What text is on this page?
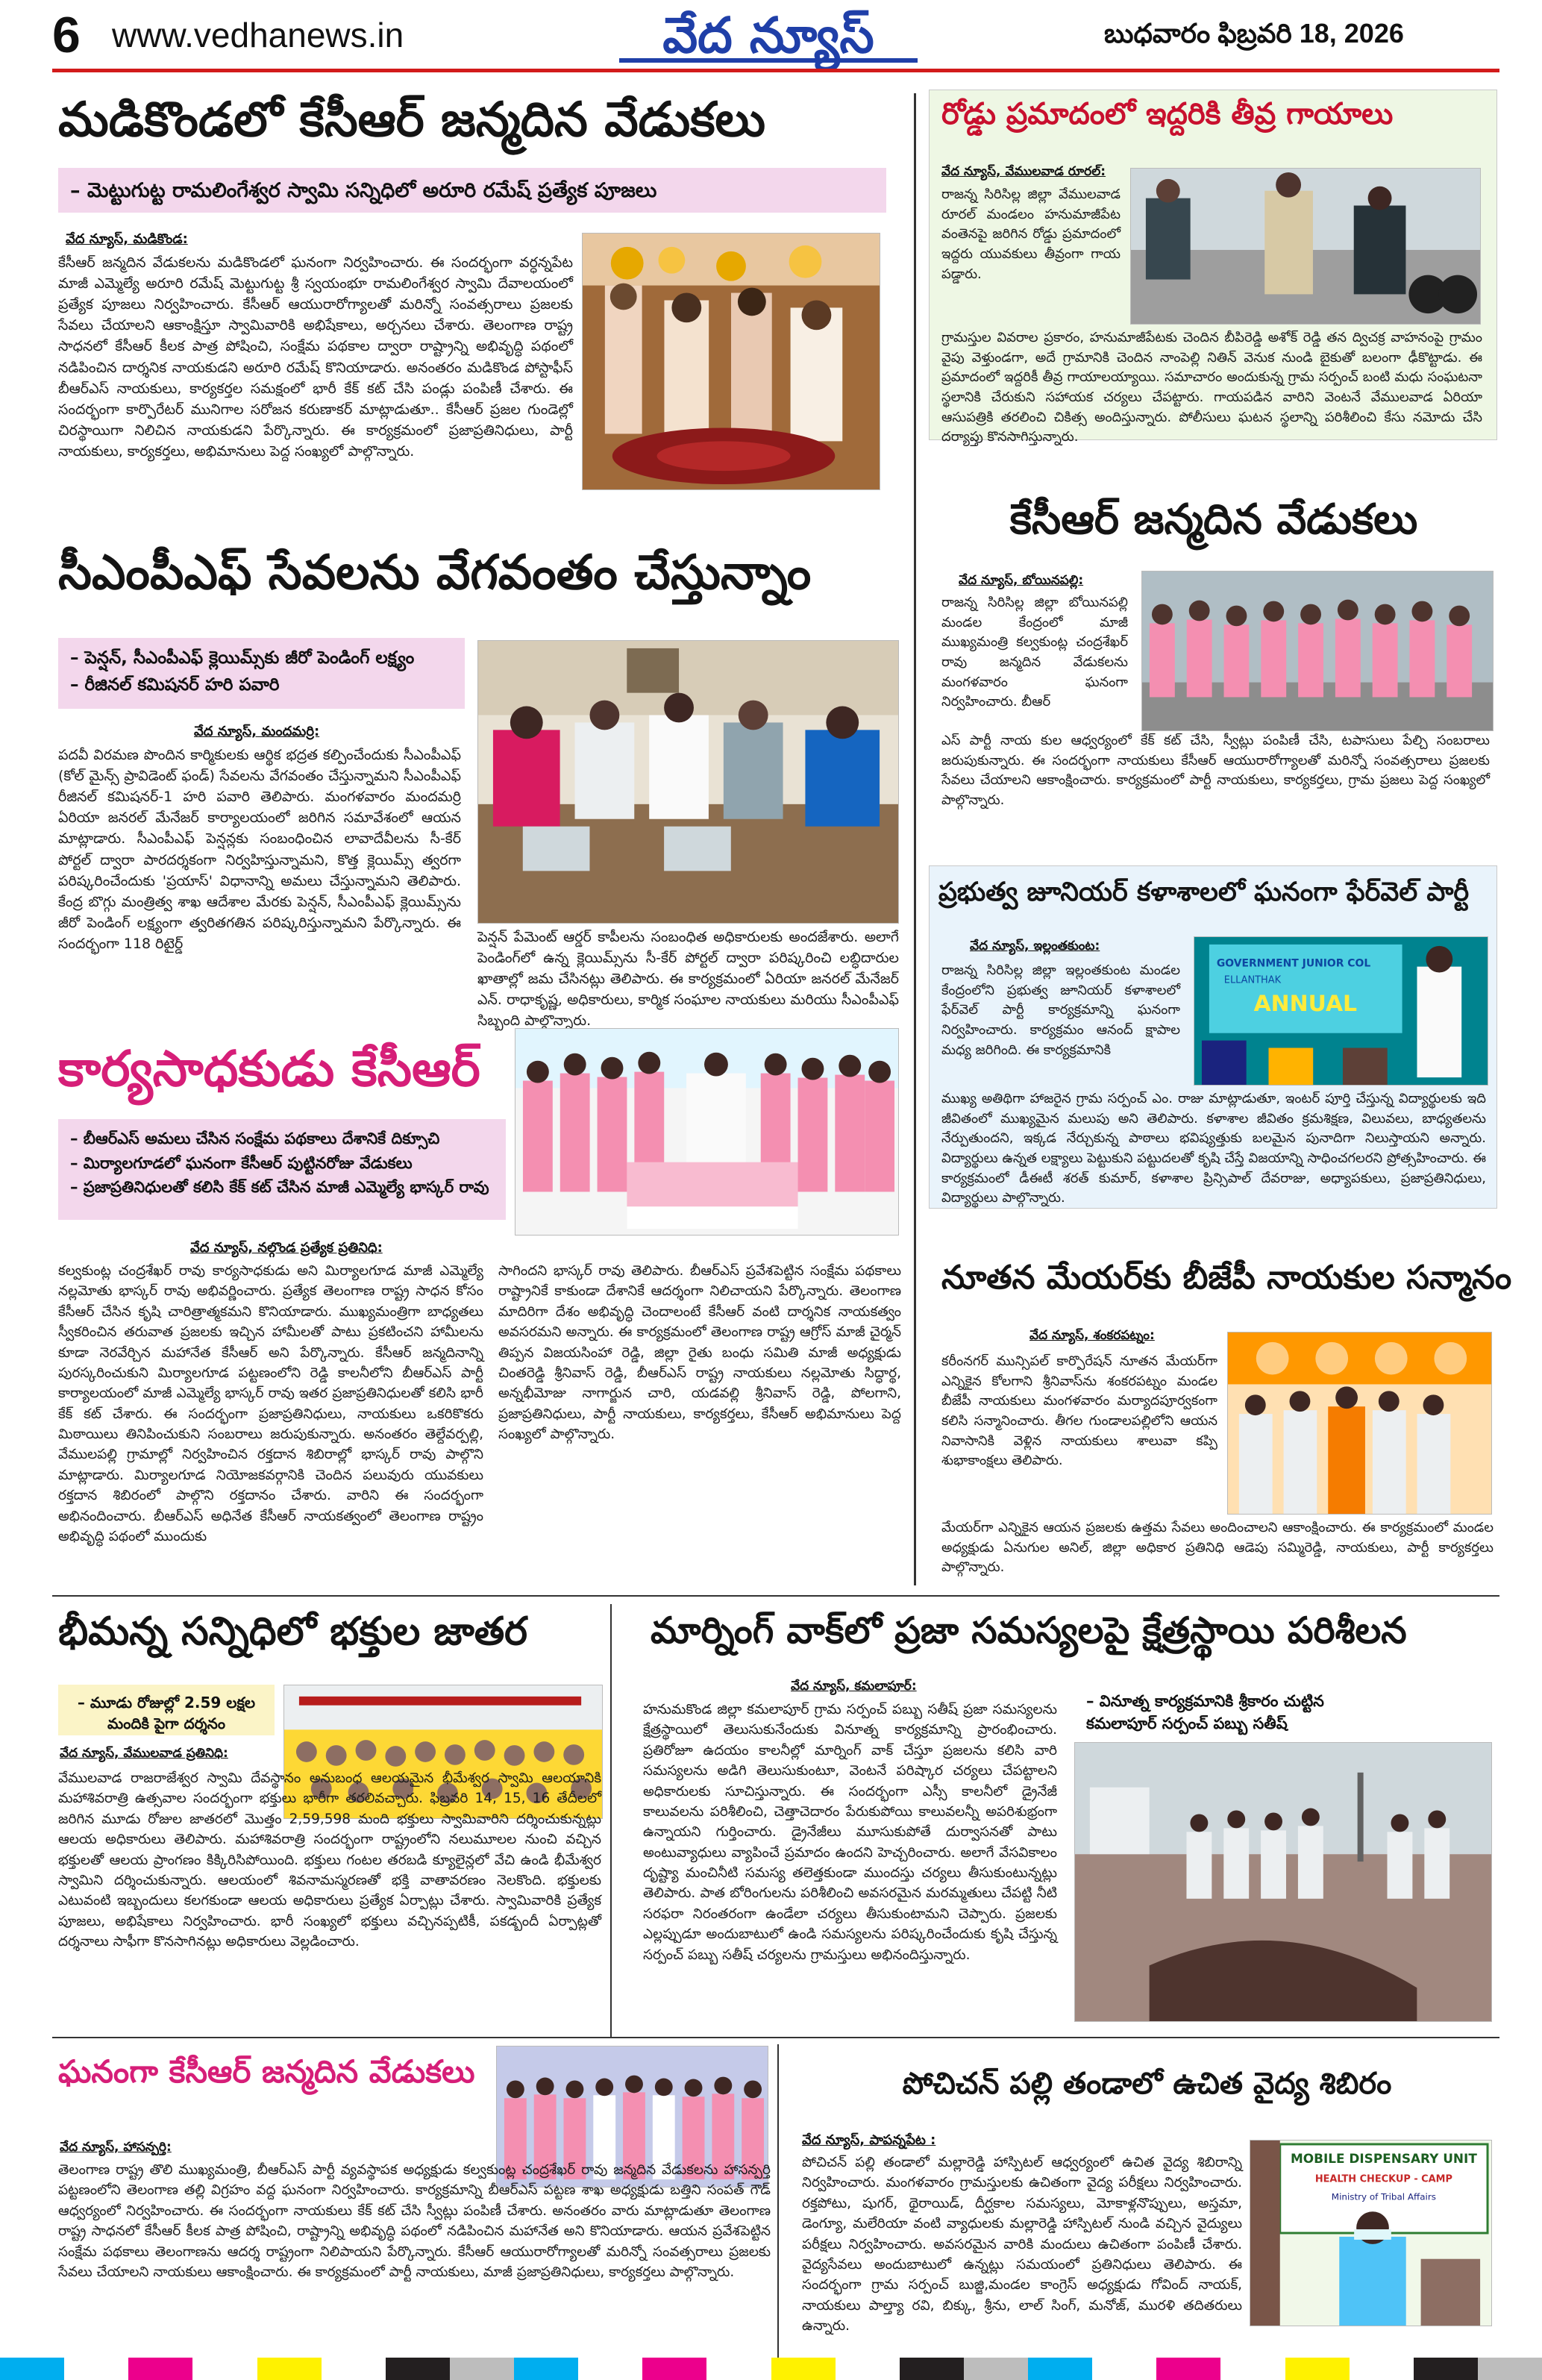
6 www.vedhanews.in	వేద న్యూస్	బుధవారం ఫిబ్రవరి 18, 2026
మడికొండలో కేసీఆర్ జన్మదిన వేడుకలు
– మెట్టుగుట్ట రామలింగేశ్వర స్వామి సన్నిధిలో అరూరి రమేష్ ప్రత్యేక పూజలు
వేద న్యూస్, మడికొండ:
కేసీఆర్ జన్మదిన వేడుకలను మడికొండలో ఘనంగా నిర్వహించారు. ఈ సందర్భంగా వర్ధన్నపేట మాజీ ఎమ్మెల్యే అరూరి రమేష్ మెట్టుగుట్ట శ్రీ స్వయంభూ రామలింగేశ్వర స్వామి దేవాలయంలో ప్రత్యేక పూజలు నిర్వహించారు. కేసీఆర్ ఆయురారోగ్యాలతో మరిన్నో సంవత్సరాలు ప్రజలకు సేవలు చేయాలని ఆకాంక్షిస్తూ స్వామివారికి అభిషేకాలు, అర్చనలు చేశారు. తెలంగాణ రాష్ట్ర సాధనలో కేసీఆర్ కీలక పాత్ర పోషించి, సంక్షేమ పథకాల ద్వారా రాష్ట్రాన్ని అభివృద్ధి పథంలో నడిపించిన దార్శనిక నాయకుడని అరూరి రమేష్ కొనియాడారు. అనంతరం మడికొండ పోస్టాఫీస్ బీఆర్ఎస్ నాయకులు, కార్యకర్తల సమక్షంలో భారీ కేక్ కట్ చేసి పండ్లు పంపిణీ చేశారు. ఈ సందర్భంగా కార్పొరేటర్ మునిగాల సరోజన కరుణాకర్ మాట్లాడుతూ.. కేసీఆర్ ప్రజల గుండెల్లో చిరస్థాయిగా నిలిచిన నాయకుడని పేర్కొన్నారు. ఈ కార్యక్రమంలో ప్రజాప్రతినిధులు, పార్టీ నాయకులు, కార్యకర్తలు, అభిమానులు పెద్ద సంఖ్యలో పాల్గొన్నారు.
రోడ్డు ప్రమాదంలో ఇద్దరికి తీవ్ర గాయాలు
వేద న్యూస్, వేములవాడ రూరల్:
రాజన్న సిరిసిల్ల జిల్లా వేములవాడ రూరల్ మండలం హనుమాజీపేట వంతెనపై జరిగిన రోడ్డు ప్రమాదంలో ఇద్దరు యువకులు తీవ్రంగా గాయ పడ్డారు.
గ్రామస్తుల వివరాల ప్రకారం, హనుమాజీపేటకు చెందిన బీపిరెడ్డి అశోక్ రెడ్డి తన ద్విచక్ర వాహనంపై గ్రామం వైపు వెళ్తుండగా, అదే గ్రామానికి చెందిన నాంపెల్లి నితిన్ వెనుక నుండి బైకుతో బలంగా ఢీకొట్టాడు. ఈ ప్రమాదంలో ఇద్దరికీ తీవ్ర గాయాలయ్యాయి. సమాచారం అందుకున్న గ్రామ సర్పంచ్ బంటి మధు సంఘటనా స్థలానికి చేరుకుని సహాయక చర్యలు చేపట్టారు. గాయపడిన వారిని వెంటనే వేములవాడ ఏరియా ఆసుపత్రికి తరలించి చికిత్స అందిస్తున్నారు. పోలీసులు ఘటన స్థలాన్ని పరిశీలించి కేసు నమోదు చేసి దర్యాప్తు కొనసాగిస్తున్నారు.
సీఎంపీఎఫ్ సేవలను వేగవంతం చేస్తున్నాం
– పెన్షన్, సీఎంపీఎఫ్ క్లెయిమ్స్‌కు జీరో పెండింగ్ లక్ష్యం
– రీజినల్ కమిషనర్ హరి పవారి
వేద న్యూస్, మందమర్రి:
పదవీ విరమణ పొందిన కార్మికులకు ఆర్థిక భద్రత కల్పించేందుకు సీఎంపీఎఫ్ (కోల్ మైన్స్ ప్రావిడెంట్ ఫండ్) సేవలను వేగవంతం చేస్తున్నామని సీఎంపీఎఫ్ రీజినల్ కమిషనర్-1 హరి పవారి తెలిపారు. మంగళవారం మందమర్రి ఏరియా జనరల్ మేనేజర్ కార్యాలయంలో జరిగిన సమావేశంలో ఆయన మాట్లాడారు. సీఎంపీఎఫ్ పెన్షన్లకు సంబంధించిన లావాదేవీలను సీ-కేర్ పోర్టల్ ద్వారా పారదర్శకంగా నిర్వహిస్తున్నామని, కొత్త క్లెయిమ్స్ త్వరగా పరిష్కరించేందుకు 'ప్రయాస్' విధానాన్ని అమలు చేస్తున్నామని తెలిపారు. కేంద్ర బొగ్గు మంత్రిత్వ శాఖ ఆదేశాల మేరకు పెన్షన్, సీఎంపీఎఫ్ క్లెయిమ్స్‌ను జీరో పెండింగ్ లక్ష్యంగా త్వరితగతిన పరిష్కరిస్తున్నామని పేర్కొన్నారు. ఈ సందర్భంగా 118 రిటైర్డ్	పెన్షన్ పేమెంట్ ఆర్డర్ కాపీలను సంబంధిత అధికారులకు అందజేశారు. అలాగే పెండింగ్‌లో ఉన్న క్లెయిమ్స్‌ను సీ-కేర్ పోర్టల్ ద్వారా పరిష్కరించి లబ్ధిదారుల ఖాతాల్లో జమ చేసినట్లు తెలిపారు. ఈ కార్యక్రమంలో ఏరియా జనరల్ మేనేజర్ ఎన్. రాధాకృష్ణ, అధికారులు, కార్మిక సంఘాల నాయకులు మరియు సీఎంపీఎఫ్ సిబ్బంది పాల్గొన్నారు.
కేసీఆర్ జన్మదిన వేడుకలు
వేద న్యూస్, బోయినపల్లి:
రాజన్న సిరిసిల్ల జిల్లా బోయినపల్లి మండల కేంద్రంలో మాజీ ముఖ్యమంత్రి కల్వకుంట్ల చంద్రశేఖర్ రావు జన్మదిన వేడుకలను మంగళవారం ఘనంగా నిర్వహించారు. బీఆర్
ఎస్ పార్టీ నాయ కుల ఆధ్వర్యంలో కేక్ కట్ చేసి, స్వీట్లు పంపిణీ చేసి, టపాసులు పేల్చి సంబరాలు జరుపుకున్నారు. ఈ సందర్భంగా నాయకులు కేసీఆర్ ఆయురారోగ్యాలతో మరిన్నో సంవత్సరాలు ప్రజలకు సేవలు చేయాలని ఆకాంక్షించారు. కార్యక్రమంలో పార్టీ నాయకులు, కార్యకర్తలు, గ్రామ ప్రజలు పెద్ద సంఖ్యలో పాల్గొన్నారు.
ప్రభుత్వ జూనియర్ కళాశాలలో ఘనంగా ఫేర్‌వెల్ పార్టీ
వేద న్యూస్, ఇల్లంతకుంట:
రాజన్న సిరిసిల్ల జిల్లా ఇల్లంతకుంట మండల కేంద్రంలోని ప్రభుత్వ జూనియర్ కళాశాలలో ఫేర్‌వెల్ పార్టీ కార్యక్రమాన్ని ఘనంగా నిర్వహించారు. కార్యక్రమం ఆనంద్ క్షాపాల మధ్య జరిగింది. ఈ కార్యక్రమానికి
GOVERNMENT JUNIOR COL
ELLANTHAK
ANNUAL
ముఖ్య అతిథిగా హాజరైన గ్రామ సర్పంచ్ ఎం. రాజు మాట్లాడుతూ, ఇంటర్ పూర్తి చేస్తున్న విద్యార్థులకు ఇది జీవితంలో ముఖ్యమైన మలుపు అని తెలిపారు. కళాశాల జీవితం క్రమశిక్షణ, విలువలు, బాధ్యతలను నేర్పుతుందని, ఇక్కడ నేర్చుకున్న పాఠాలు భవిష్యత్తుకు బలమైన పునాదిగా నిలుస్తాయని అన్నారు. విద్యార్థులు ఉన్నత లక్ష్యాలు పెట్టుకుని పట్టుదలతో కృషి చేస్తే విజయాన్ని సాధించగలరని ప్రోత్సహించారు. ఈ కార్యక్రమంలో డీఈటీ శరత్ కుమార్, కళాశాల ప్రిన్సిపాల్ దేవరాజు, అధ్యాపకులు, ప్రజాప్రతినిధులు, విద్యార్థులు పాల్గొన్నారు.
కార్యసాధకుడు కేసీఆర్
– బీఆర్ఎస్ అమలు చేసిన సంక్షేమ పథకాలు దేశానికే దిక్సూచి
– మిర్యాలగూడలో ఘనంగా కేసీఆర్ పుట్టినరోజు వేడుకలు
– ప్రజాప్రతినిధులతో కలిసి కేక్ కట్ చేసిన మాజీ ఎమ్మెల్యే భాస్కర్ రావు
వేద న్యూస్, నల్గొండ ప్రత్యేక ప్రతినిధి:
కల్వకుంట్ల చంద్రశేఖర్ రావు కార్యసాధకుడు అని మిర్యాలగూడ మాజీ ఎమ్మెల్యే నల్లమోతు భాస్కర్ రావు అభివర్ణించారు. ప్రత్యేక తెలంగాణ రాష్ట్ర సాధన కోసం కేసీఆర్ చేసిన కృషి చారిత్రాత్మకమని కొనియాడారు. ముఖ్యమంత్రిగా బాధ్యతలు స్వీకరించిన తరువాత ప్రజలకు ఇచ్చిన హామీలతో పాటు ప్రకటించని హామీలను కూడా నెరవేర్చిన మహానేత కేసీఆర్ అని పేర్కొన్నారు. కేసీఆర్ జన్మదినాన్ని పురస్కరించుకుని మిర్యాలగూడ పట్టణంలోని రెడ్డి కాలనీలోని బీఆర్ఎస్ పార్టీ కార్యాలయంలో మాజీ ఎమ్మెల్యే భాస్కర్ రావు ఇతర ప్రజాప్రతినిధులతో కలిసి భారీ కేక్ కట్ చేశారు. ఈ సందర్భంగా ప్రజాప్రతినిధులు, నాయకులు ఒకరికొకరు మిఠాయిలు తినిపించుకుని సంబరాలు జరుపుకున్నారు. అనంతరం తెల్దేవర్పల్లి, వేములపల్లి గ్రామాల్లో నిర్వహించిన రక్తదాన శిబిరాల్లో భాస్కర్ రావు పాల్గొని మాట్లాడారు. మిర్యాలగూడ నియోజకవర్గానికి చెందిన పలువురు యువకులు రక్తదాన శిబిరంలో పాల్గొని రక్తదానం చేశారు. వారిని ఈ సందర్భంగా అభినందించారు. బీఆర్ఎస్ అధినేత కేసీఆర్ నాయకత్వంలో తెలంగాణ రాష్ట్రం అభివృద్ధి పథంలో ముందుకు
సాగిందని భాస్కర్ రావు తెలిపారు. బీఆర్ఎస్ ప్రవేశపెట్టిన సంక్షేమ పథకాలు రాష్ట్రానికే కాకుండా దేశానికే ఆదర్శంగా నిలిచాయని పేర్కొన్నారు. తెలంగాణ మాదిరిగా దేశం అభివృద్ధి చెందాలంటే కేసీఆర్ వంటి దార్శనిక నాయకత్వం అవసరమని అన్నారు. ఈ కార్యక్రమంలో తెలంగాణ రాష్ట్ర ఆగ్రోస్ మాజీ చైర్మన్ తిప్పన విజయసింహా రెడ్డి, జిల్లా రైతు బంధు సమితి మాజీ అధ్యక్షుడు చింతరెడ్డి శ్రీనివాస్ రెడ్డి, బీఆర్ఎస్ రాష్ట్ర నాయకులు నల్లమోతు సిద్ధార్థ, అన్నభీమోజు నాగార్జున చారి, యడవల్లి శ్రీనివాస్ రెడ్డి, పోలగాని, ప్రజాప్రతినిధులు, పార్టీ నాయకులు, కార్యకర్తలు, కేసీఆర్ అభిమానులు పెద్ద సంఖ్యలో పాల్గొన్నారు.
నూతన మేయర్‌కు బీజేపీ నాయకుల సన్మానం
వేద న్యూస్, శంకరపట్నం:
కరీంనగర్ మున్సిపల్ కార్పొరేషన్ నూతన మేయర్‌గా ఎన్నికైన కోలగాని శ్రీనివాస్‌ను శంకరపట్నం మండల బీజేపీ నాయకులు మంగళవారం మర్యాదపూర్వకంగా కలిసి సన్మానించారు. తీగల గుండాలపల్లిలోని ఆయన నివాసానికి వెళ్లిన నాయకులు శాలువా కప్పి శుభాకాంక్షలు తెలిపారు.
మేయర్‌గా ఎన్నికైన ఆయన ప్రజలకు ఉత్తమ సేవలు అందించాలని ఆకాంక్షించారు. ఈ కార్యక్రమంలో మండల అధ్యక్షుడు ఏనుగుల అనిల్, జిల్లా అధికార ప్రతినిధి ఆడెపు సమ్మిరెడ్డి, నాయకులు, పార్టీ కార్యకర్తలు పాల్గొన్నారు.
భీమన్న సన్నిధిలో భక్తుల జాతర
– మూడు రోజుల్లో 2.59 లక్షల
మందికి పైగా దర్శనం
వేద న్యూస్, వేములవాడ ప్రతినిధి:
వేములవాడ రాజరాజేశ్వర స్వామి దేవస్థానం అనుబంధ ఆలయమైన భీమేశ్వర స్వామి ఆలయానికి మహాశివరాత్రి ఉత్సవాల సందర్భంగా భక్తులు భారీగా తరలివచ్చారు. ఫిబ్రవరి 14, 15, 16 తేదీలలో జరిగిన మూడు రోజుల జాతరలో మొత్తం 2,59,598 మంది భక్తులు స్వామివారిని దర్శించుకున్నట్లు ఆలయ అధికారులు తెలిపారు. మహాశివరాత్రి సందర్భంగా రాష్ట్రంలోని నలుమూలల నుంచి వచ్చిన భక్తులతో ఆలయ ప్రాంగణం కిక్కిరిసిపోయింది. భక్తులు గంటల తరబడి క్యూలైన్లలో వేచి ఉండి భీమేశ్వర స్వామిని దర్శించుకున్నారు. ఆలయంలో శివనామస్మరణతో భక్తి వాతావరణం నెలకొంది. భక్తులకు ఎటువంటి ఇబ్బందులు కలగకుండా ఆలయ అధికారులు ప్రత్యేక ఏర్పాట్లు చేశారు. స్వామివారికి ప్రత్యేక పూజలు, అభిషేకాలు నిర్వహించారు. భారీ సంఖ్యలో భక్తులు వచ్చినప్పటికీ, పకడ్బందీ ఏర్పాట్లతో దర్శనాలు సాఫీగా కొనసాగినట్లు అధికారులు వెల్లడించారు.
మార్నింగ్ వాక్‌లో ప్రజా సమస్యలపై క్షేత్రస్థాయి పరిశీలన
వేద న్యూస్, కమలాపూర్:
హనుమకొండ జిల్లా కమలాపూర్ గ్రామ సర్పంచ్ పబ్బు సతీష్ ప్రజా సమస్యలను క్షేత్రస్థాయిలో తెలుసుకునేందుకు వినూత్న కార్యక్రమాన్ని ప్రారంభించారు. ప్రతిరోజూ ఉదయం కాలనీల్లో మార్నింగ్ వాక్ చేస్తూ ప్రజలను కలిసి వారి సమస్యలను అడిగి తెలుసుకుంటూ, వెంటనే పరిష్కార చర్యలు చేపట్టాలని అధికారులకు సూచిస్తున్నారు. ఈ సందర్భంగా ఎస్సీ కాలనీలో డ్రైనేజీ కాలువలను పరిశీలించి, చెత్తాచెదారం పేరుకుపోయి కాలువలన్నీ అపరిశుభ్రంగా ఉన్నాయని గుర్తించారు. డ్రైనేజీలు మూసుకుపోతే దుర్వాసనతో పాటు అంటువ్యాధులు వ్యాపించే ప్రమాదం ఉందని హెచ్చరించారు. అలాగే వేసవికాలం దృష్ట్యా మంచినీటి సమస్య తలెత్తకుండా ముందస్తు చర్యలు తీసుకుంటున్నట్లు తెలిపారు. పాత బోరింగులను పరిశీలించి అవసరమైన మరమ్మతులు చేపట్టి నీటి సరఫరా నిరంతరంగా ఉండేలా చర్యలు తీసుకుంటామని చెప్పారు. ప్రజలకు ఎల్లప్పుడూ అందుబాటులో ఉండి సమస్యలను పరిష్కరించేందుకు కృషి చేస్తున్న సర్పంచ్ పబ్బు సతీష్ చర్యలను గ్రామస్తులు అభినందిస్తున్నారు.
– వినూత్న కార్యక్రమానికి శ్రీకారం చుట్టిన
కమలాపూర్ సర్పంచ్ పబ్బు సతీష్
ఘనంగా కేసీఆర్ జన్మదిన వేడుకలు
వేద న్యూస్, హాసన్పర్తి:
తెలంగాణ రాష్ట్ర తొలి ముఖ్యమంత్రి, బీఆర్ఎస్ పార్టీ వ్యవస్థాపక అధ్యక్షుడు కల్వకుంట్ల చంద్రశేఖర్ రావు జన్మదిన వేడుకలను హాసన్పర్తి పట్టణంలోని తెలంగాణ తల్లి విగ్రహం వద్ద ఘనంగా నిర్వహించారు. కార్యక్రమాన్ని బీఆర్ఎస్ పట్టణ శాఖ అధ్యక్షుడు బత్తిని సంపత్ గౌడ్ ఆధ్వర్యంలో నిర్వహించారు. ఈ సందర్భంగా నాయకులు కేక్ కట్ చేసి స్వీట్లు పంపిణీ చేశారు. అనంతరం వారు మాట్లాడుతూ తెలంగాణ రాష్ట్ర సాధనలో కేసీఆర్ కీలక పాత్ర పోషించి, రాష్ట్రాన్ని అభివృద్ధి పథంలో నడిపించిన మహానేత అని కొనియాడారు. ఆయన ప్రవేశపెట్టిన సంక్షేమ పథకాలు తెలంగాణను ఆదర్శ రాష్ట్రంగా నిలిపాయని పేర్కొన్నారు. కేసీఆర్ ఆయురారోగ్యాలతో మరిన్నో సంవత్సరాలు ప్రజలకు సేవలు చేయాలని నాయకులు ఆకాంక్షించారు. ఈ కార్యక్రమంలో పార్టీ నాయకులు, మాజీ ప్రజాప్రతినిధులు, కార్యకర్తలు పాల్గొన్నారు.
పోచిచన్ పల్లి తండాలో ఉచిత వైద్య శిబిరం
వేద న్యూస్, పాపన్నపేట :
పోచిచన్ పల్లి తండాలో మల్లారెడ్డి హాస్పిటల్ ఆధ్వర్యంలో ఉచిత వైద్య శిబిరాన్ని నిర్వహించారు. మంగళవారం గ్రామస్తులకు ఉచితంగా వైద్య పరీక్షలు నిర్వహించారు. రక్తపోటు, షుగర్, థైరాయిడ్, దీర్ఘకాల సమస్యలు, మోకాళ్లనొప్పులు, అస్తమా, డెంగ్యూ, మలేరియా వంటి వ్యాధులకు మల్లారెడ్డి హాస్పిటల్ నుండి వచ్చిన వైద్యులు పరీక్షలు నిర్వహించారు. అవసరమైన వారికి మందులు ఉచితంగా పంపిణీ చేశారు. వైద్యసేవలు అందుబాటులో ఉన్నట్లు సమయంలో ప్రతినిధులు తెలిపారు. ఈ సందర్భంగా గ్రామ సర్పంచ్ బుజ్జి,మండల కాంగ్రెస్ అధ్యక్షుడు గోవింద్ నాయక్, నాయకులు పాల్త్యా రవి, బిక్కు, శ్రీను, లాల్ సింగ్, మనోజ్, మురళి తదితరులు ఉన్నారు.
MOBILE DISPENSARY UNIT
HEALTH CHECKUP - CAMP
Ministry of Tribal Affairs
